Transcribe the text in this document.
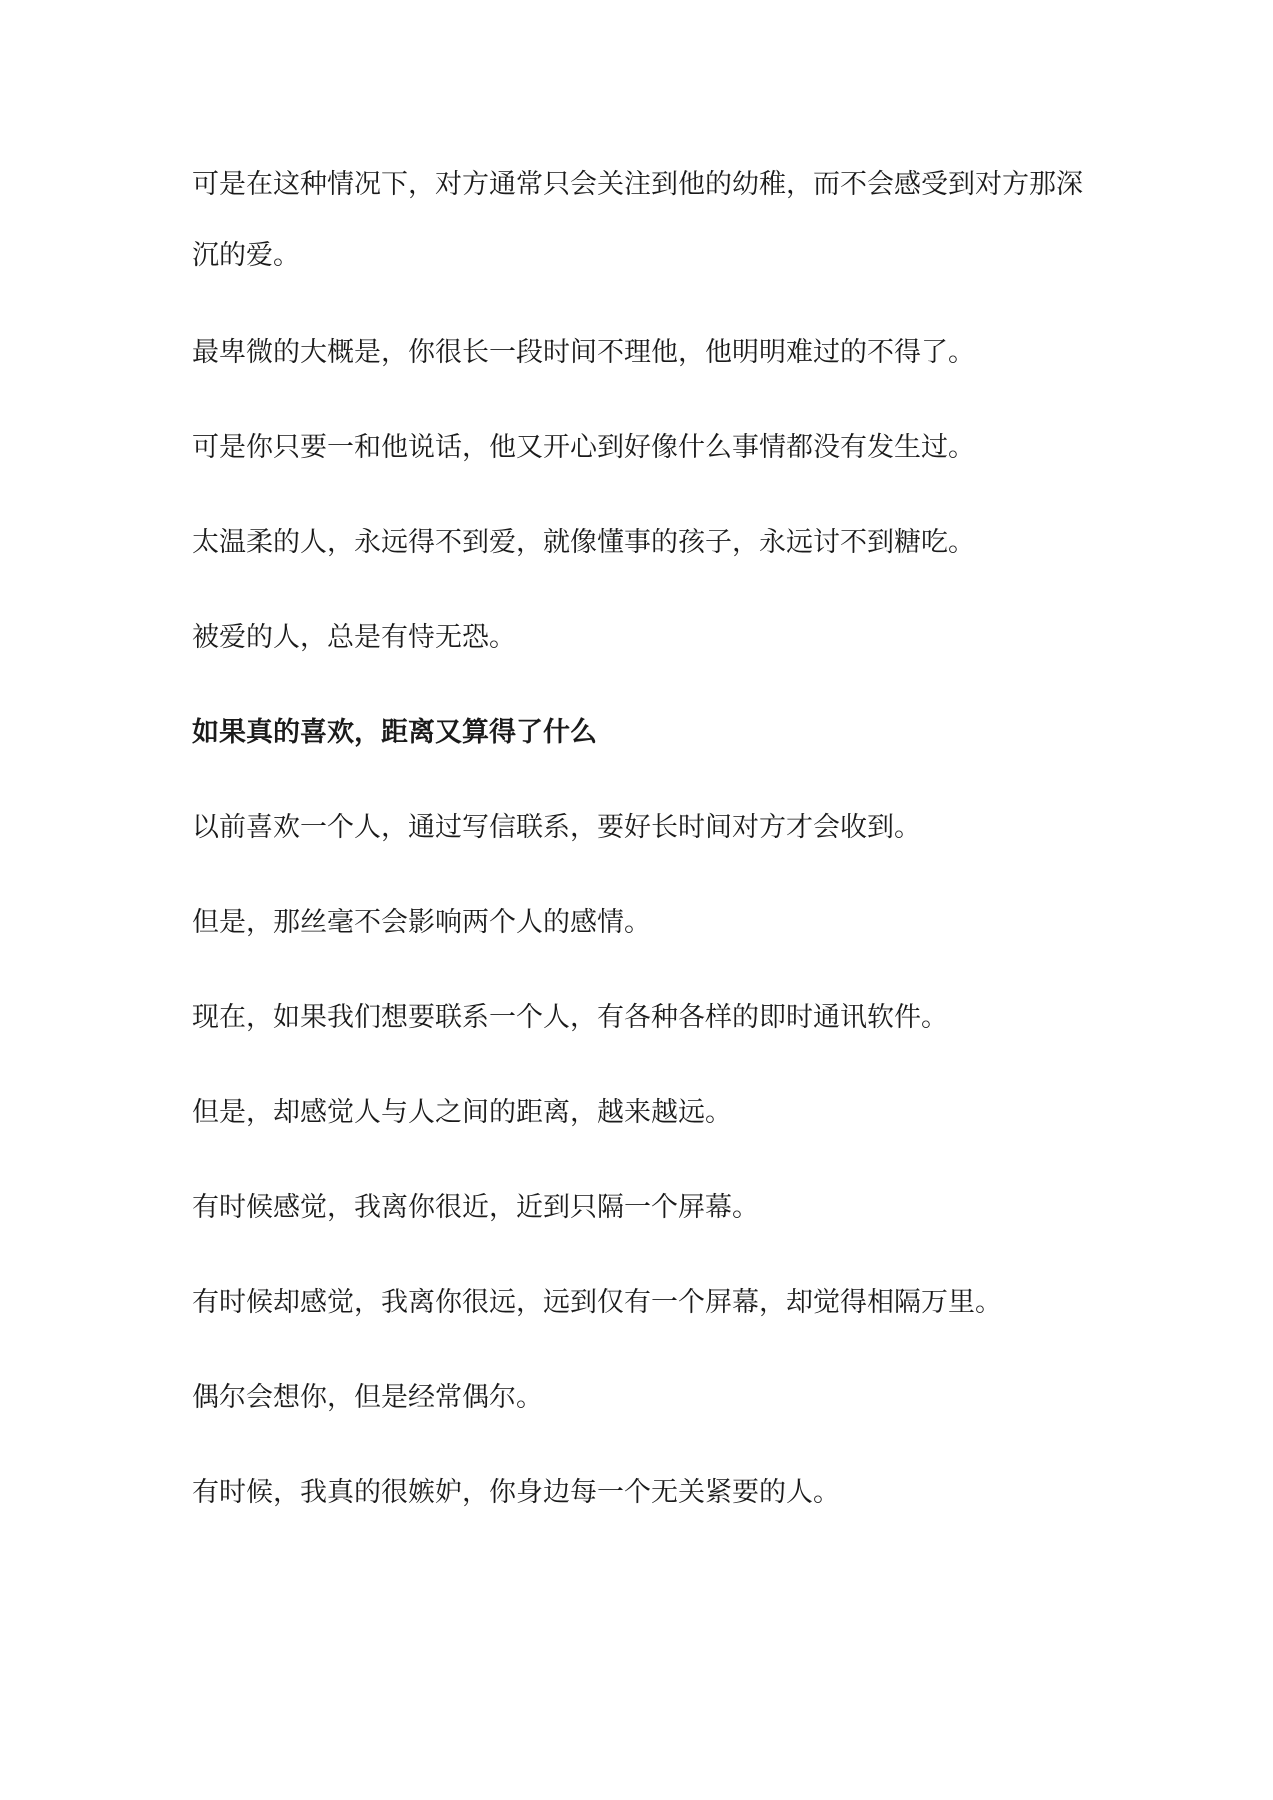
可是在这种情况下，对方通常只会关注到他的幼稚，而不会感受到对方那深沉的爱。

最卑微的大概是，你很长一段时间不理他，他明明难过的不得了。

可是你只要一和他说话，他又开心到好像什么事情都没有发生过。

太温柔的人，永远得不到爱，就像懂事的孩子，永远讨不到糖吃。

被爱的人，总是有恃无恐。

如果真的喜欢，距离又算得了什么

以前喜欢一个人，通过写信联系，要好长时间对方才会收到。

但是，那丝毫不会影响两个人的感情。

现在，如果我们想要联系一个人，有各种各样的即时通讯软件。

但是，却感觉人与人之间的距离，越来越远。

有时候感觉，我离你很近，近到只隔一个屏幕。

有时候却感觉，我离你很远，远到仅有一个屏幕，却觉得相隔万里。

偶尔会想你，但是经常偶尔。

有时候，我真的很嫉妒，你身边每一个无关紧要的人。
